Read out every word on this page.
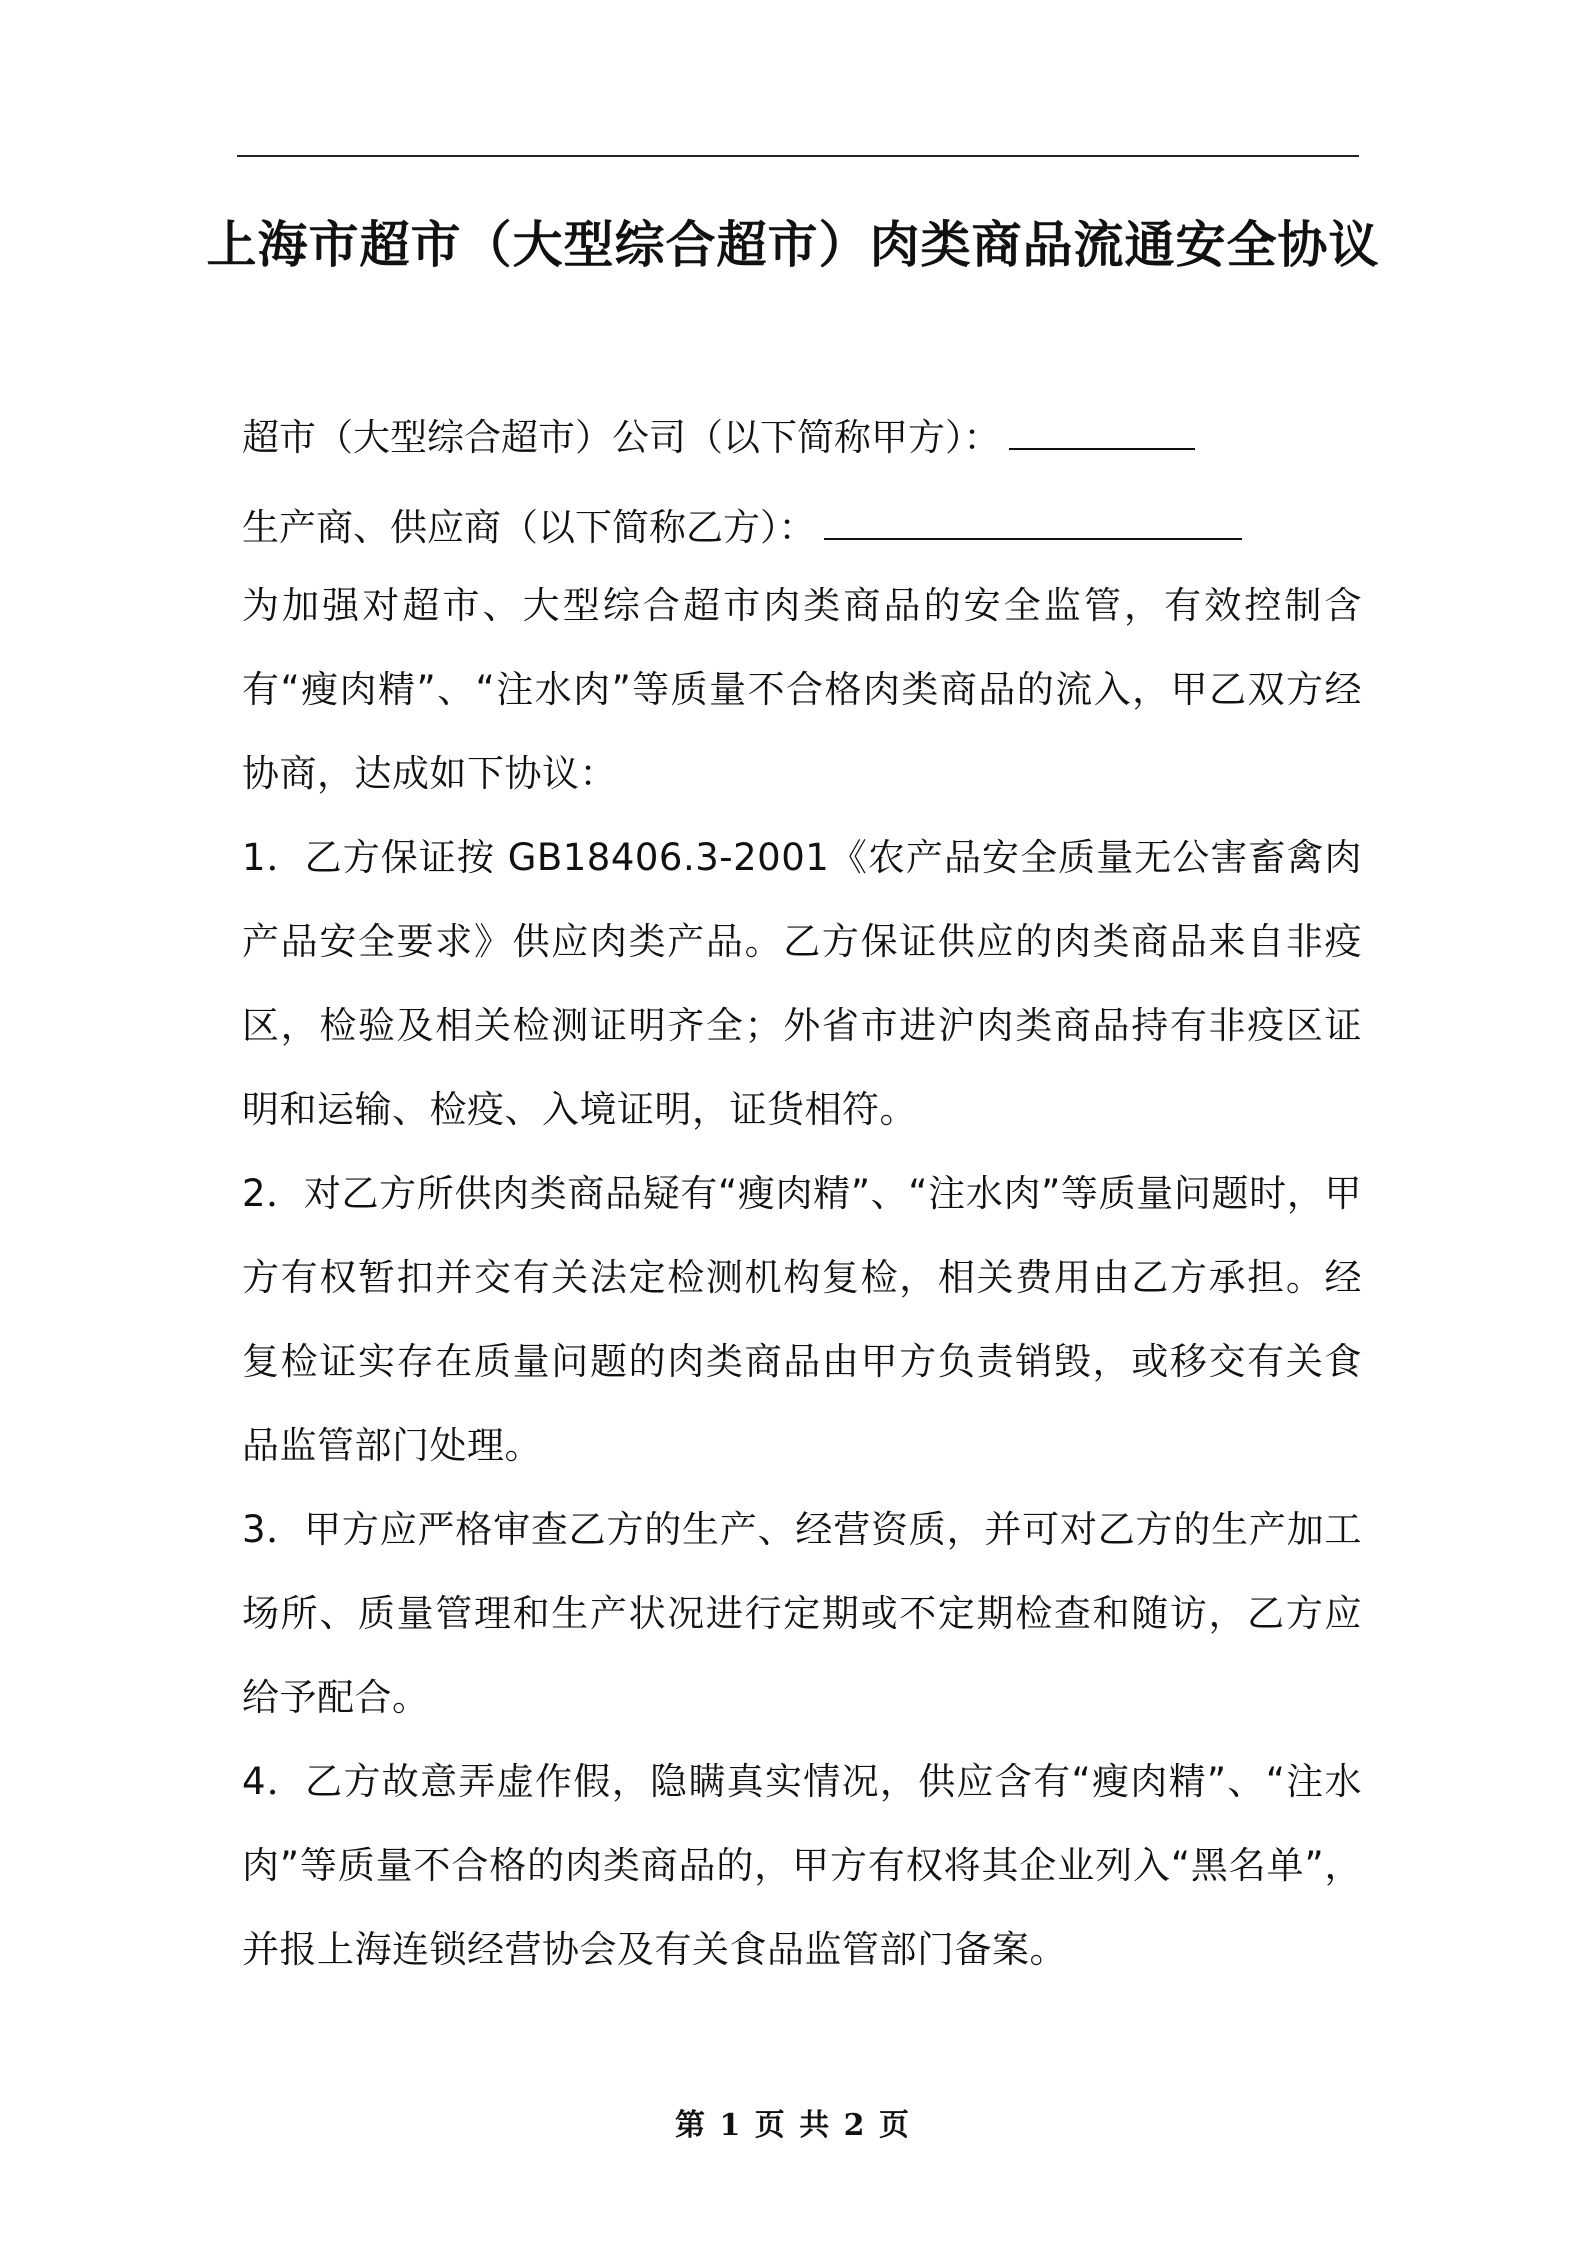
上海市超市（大型综合超市）肉类商品流通安全协议
超市（大型综合超市）公司（以下简称甲方）：
生产商、供应商（以下简称乙方）：

为加强对超市、大型综合超市肉类商品的安全监管，有效控制含有“瘦肉精”、“注水肉”等质量不合格肉类商品的流入，甲乙双方经协商，达成如下协议：

1．乙方保证按 GB18406.3-2001《农产品安全质量无公害畜禽肉产品安全要求》供应肉类产品。乙方保证供应的肉类商品来自非疫区，检验及相关检测证明齐全；外省市进沪肉类商品持有非疫区证明和运输、检疫、入境证明，证货相符。

2．对乙方所供肉类商品疑有“瘦肉精”、“注水肉”等质量问题时，甲方有权暂扣并交有关法定检测机构复检，相关费用由乙方承担。经复检证实存在质量问题的肉类商品由甲方负责销毁，或移交有关食品监管部门处理。

3．甲方应严格审查乙方的生产、经营资质，并可对乙方的生产加工场所、质量管理和生产状况进行定期或不定期检查和随访，乙方应给予配合。

4．乙方故意弄虚作假，隐瞒真实情况，供应含有“瘦肉精”、“注水肉”等质量不合格的肉类商品的，甲方有权将其企业列入“黑名单”，并报上海连锁经营协会及有关食品监管部门备案。

第 1 页 共 2 页
